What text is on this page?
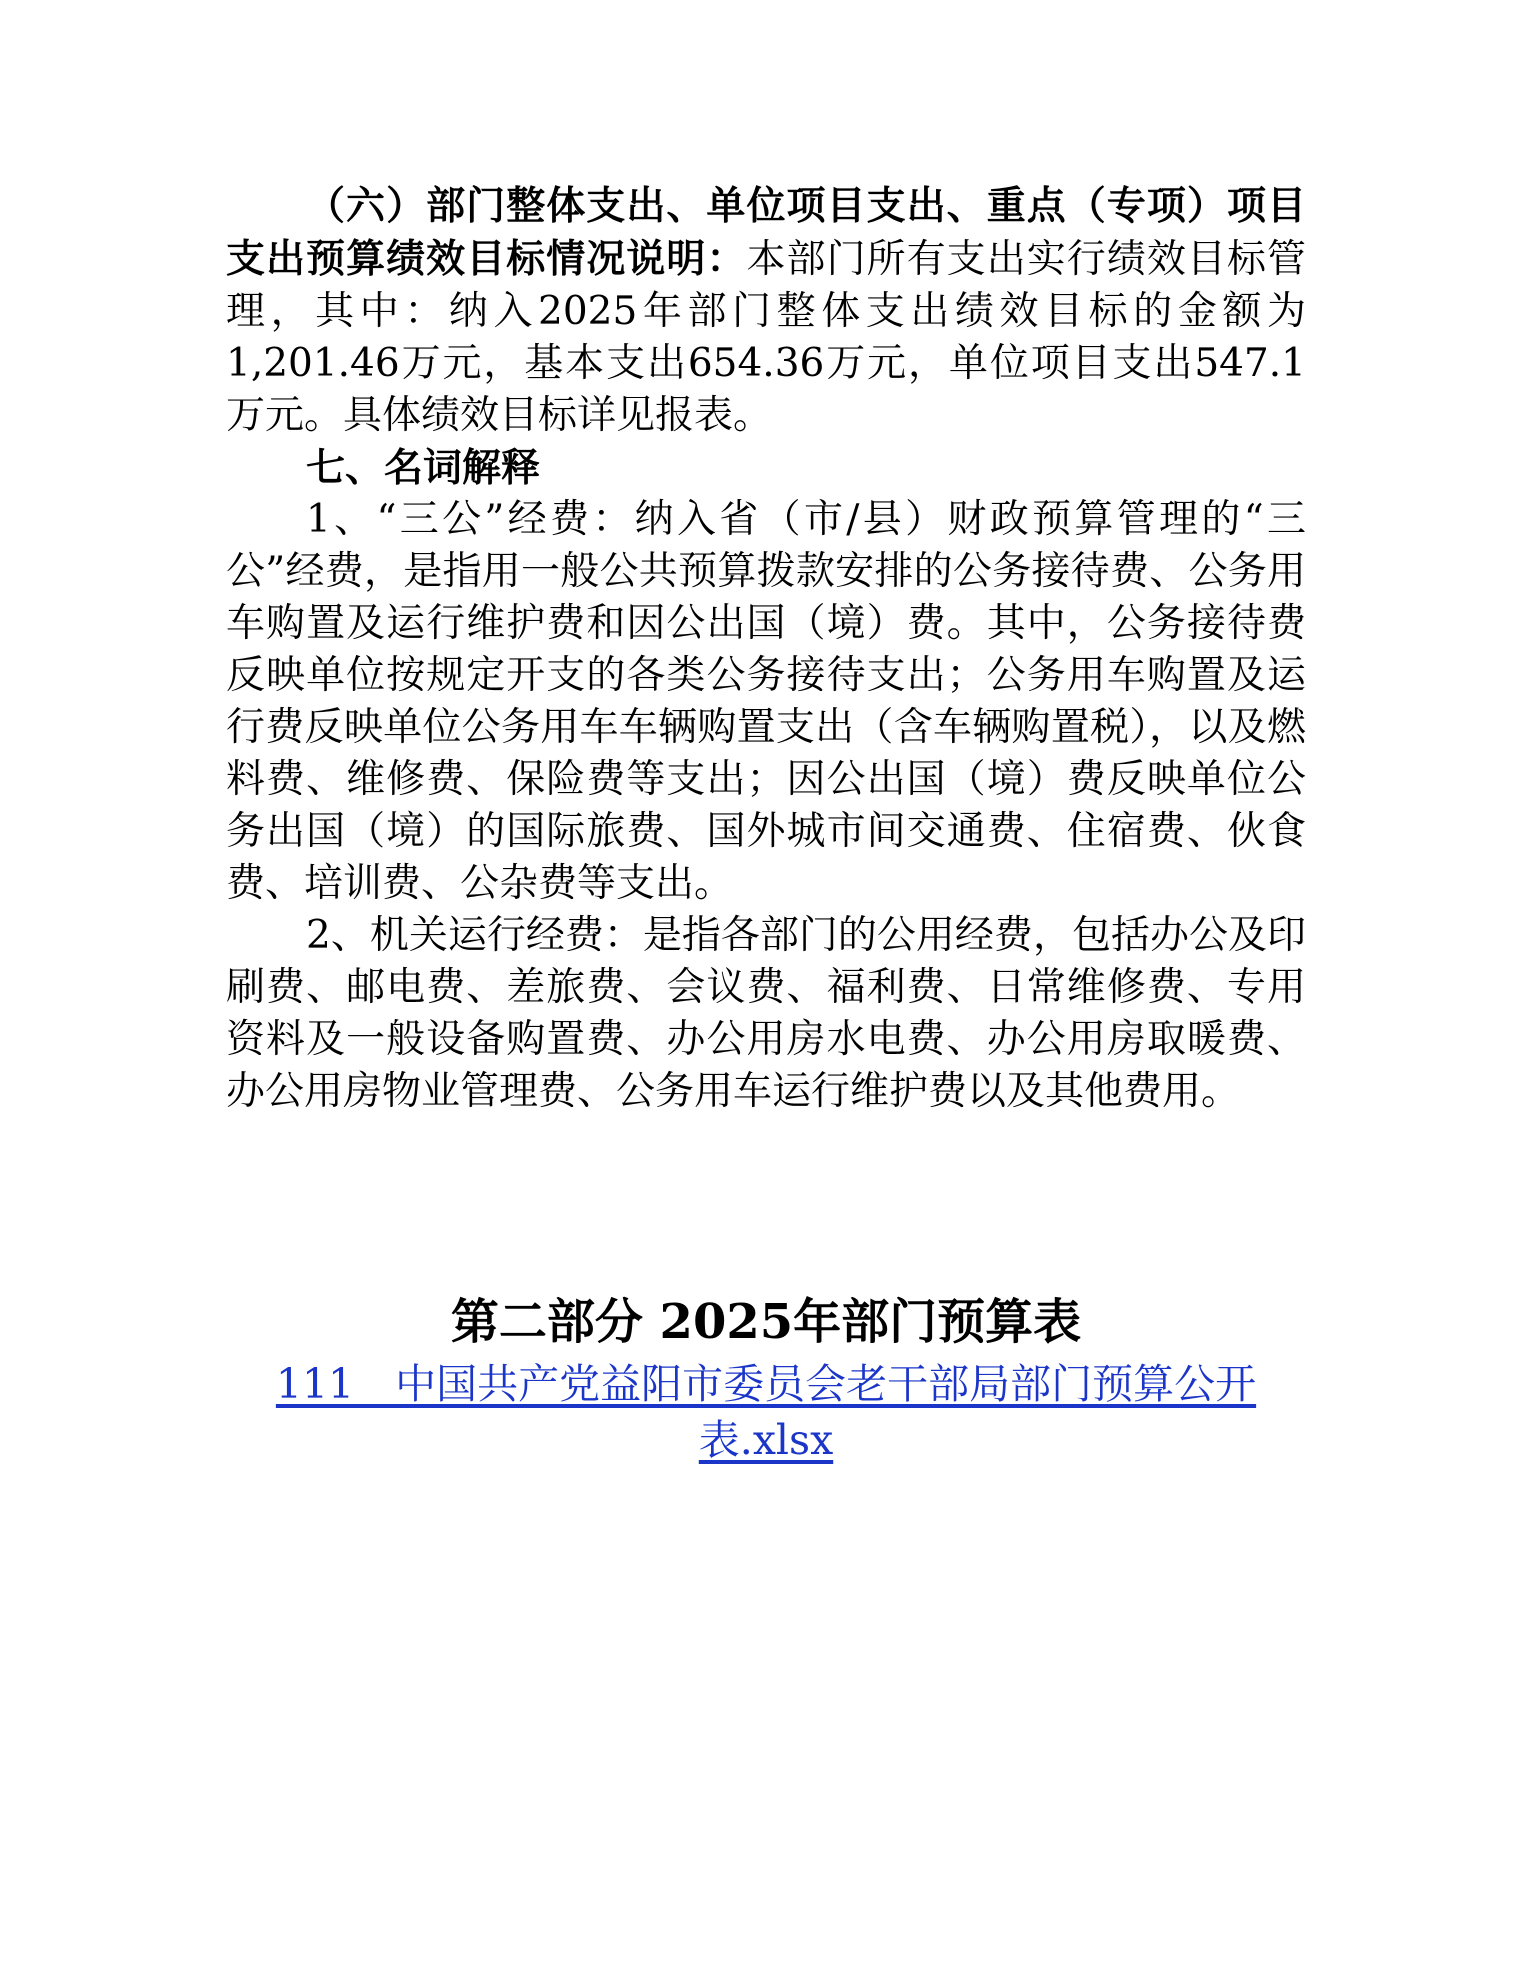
（六）部门整体支出、单位项目支出、重点（专项）项目支出预算绩效目标情况说明：本部门所有支出实行绩效目标管理，其中：纳入2025年部门整体支出绩效目标的金额为1,201.46万元，基本支出654.36万元，单位项目支出547.1万元。具体绩效目标详见报表。

七、名词解释

1、“三公”经费：纳入省（市/县）财政预算管理的“三公”经费，是指用一般公共预算拨款安排的公务接待费、公务用车购置及运行维护费和因公出国（境）费。其中，公务接待费反映单位按规定开支的各类公务接待支出；公务用车购置及运行费反映单位公务用车车辆购置支出（含车辆购置税），以及燃料费、维修费、保险费等支出；因公出国（境）费反映单位公务出国（境）的国际旅费、国外城市间交通费、住宿费、伙食费、培训费、公杂费等支出。

2、机关运行经费：是指各部门的公用经费，包括办公及印刷费、邮电费、差旅费、会议费、福利费、日常维修费、专用资料及一般设备购置费、办公用房水电费、办公用房取暖费、办公用房物业管理费、公务用车运行维护费以及其他费用。

第二部分 2025年部门预算表

111　中国共产党益阳市委员会老干部局部门预算公开表.xlsx
